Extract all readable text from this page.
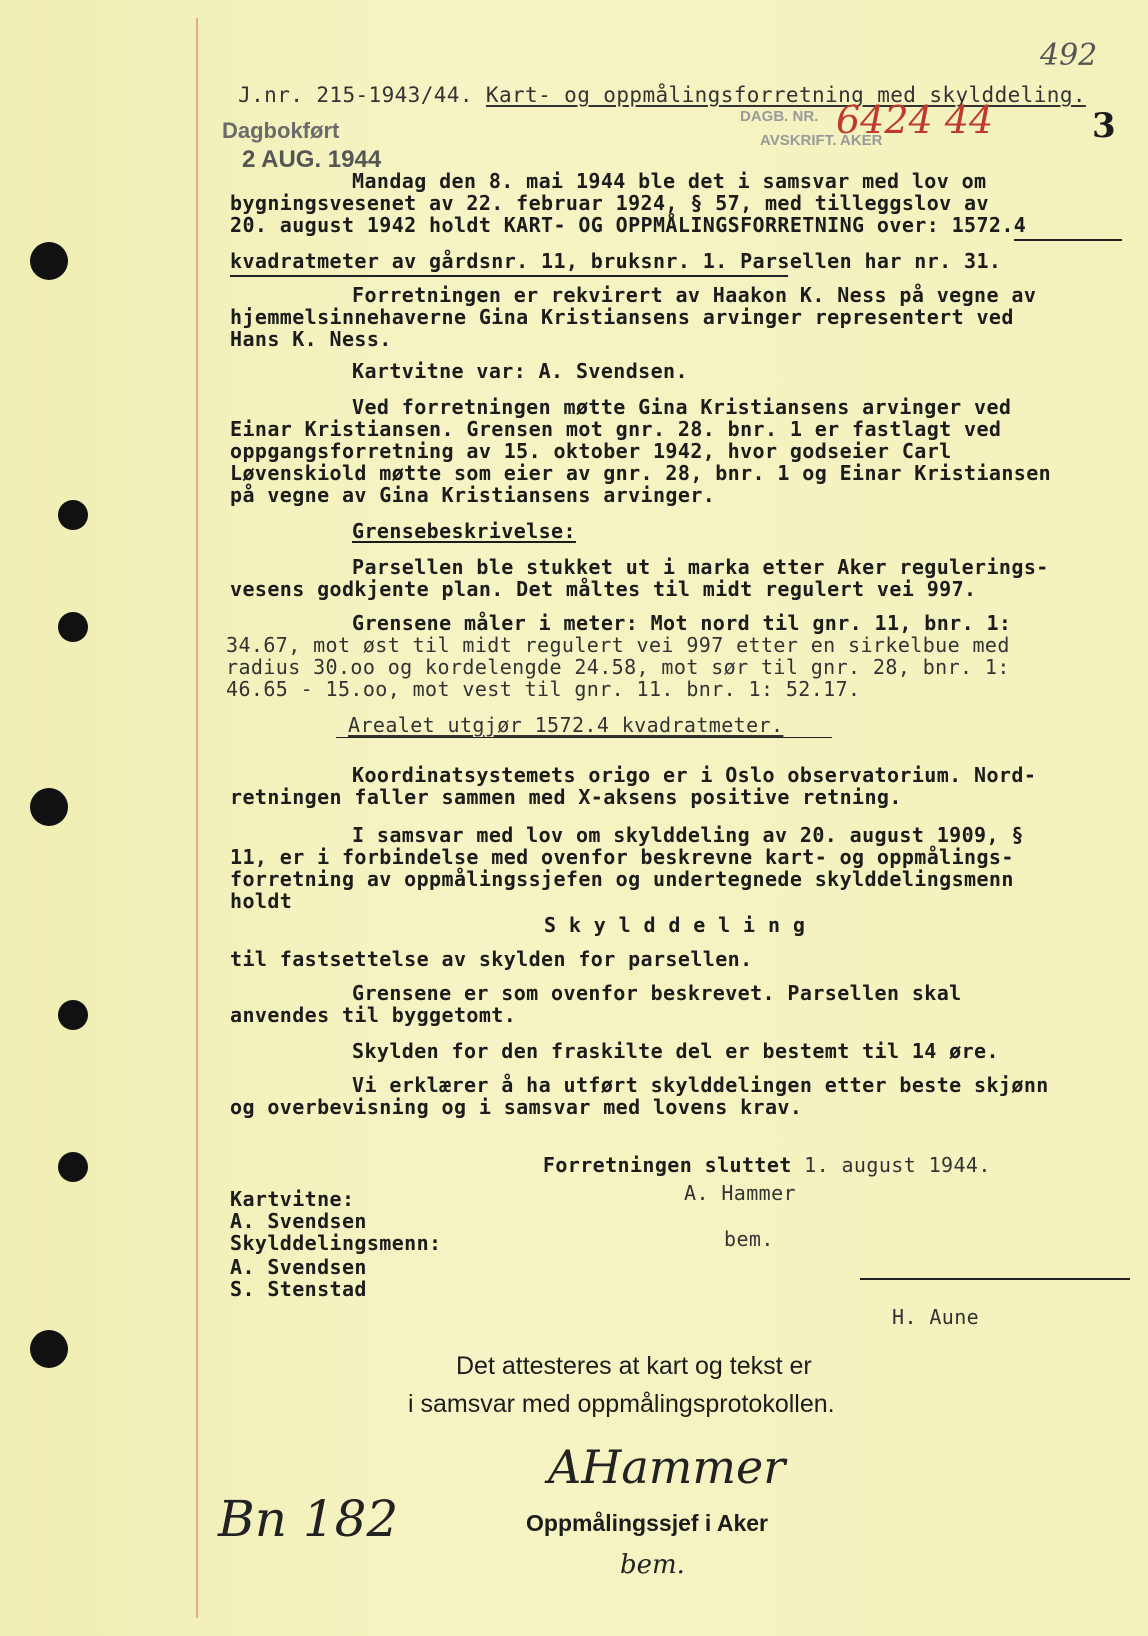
J.nr. 215-1943/44. Kart- og oppmålingsforretning med skylddeling.

492
3
Dagbokført
2 AUG. 1944
DAGB. NR.
AVSKRIFT. AKER
6424 44
Mandag den 8. mai 1944 ble det i samsvar med lov om
bygningsvesenet av 22. februar 1924, § 57, med tilleggslov av
20. august 1942 holdt KART- OG OPPMÅLINGSFORRETNING over: 1572.4
kvadratmeter av gårdsnr. 11, bruksnr. 1. Parsellen har nr. 31.
Forretningen er rekvirert av Haakon K. Ness på vegne av
hjemmelsinnehaverne Gina Kristiansens arvinger representert ved
Hans K. Ness.
Kartvitne var: A. Svendsen.
Ved forretningen møtte Gina Kristiansens arvinger ved
Einar Kristiansen. Grensen mot gnr. 28. bnr. 1 er fastlagt ved
oppgangsforretning av 15. oktober 1942, hvor godseier Carl
Løvenskiold møtte som eier av gnr. 28, bnr. 1 og Einar Kristiansen
på vegne av Gina Kristiansens arvinger.
Grensebeskrivelse:
Parsellen ble stukket ut i marka etter Aker regulerings-
vesens godkjente plan. Det måltes til midt regulert vei 997.
Grensene måler i meter: Mot nord til gnr. 11, bnr. 1:
34.67, mot øst til midt regulert vei 997 etter en sirkelbue med
radius 30.oo og kordelengde 24.58, mot sør til gnr. 28, bnr. 1:
46.65 - 15.oo, mot vest til gnr. 11. bnr. 1: 52.17.
Arealet utgjør 1572.4 kvadratmeter.
Koordinatsystemets origo er i Oslo observatorium. Nord-
retningen faller sammen med X-aksens positive retning.
I samsvar med lov om skylddeling av 20. august 1909, §
11, er i forbindelse med ovenfor beskrevne kart- og oppmålings-
forretning av oppmålingssjefen og undertegnede skylddelingsmenn
holdt
S k y l d d e l i n g
til fastsettelse av skylden for parsellen.
Grensene er som ovenfor beskrevet. Parsellen skal
anvendes til byggetomt.
Skylden for den fraskilte del er bestemt til 14 øre.
Vi erklærer å ha utført skylddelingen etter beste skjønn
og overbevisning og i samsvar med lovens krav.

Forretningen sluttet 1. august 1944.

Kartvitne:
A. Svendsen
Skylddelingsmenn:
A. Svendsen
S. Stenstad
A. Hammer
bem.
H. Aune
Det attesteres at kart og tekst er
i samsvar med oppmålingsprotokollen.
AHammer
Bn 182	Oppmålingssjef i Aker
bem.
